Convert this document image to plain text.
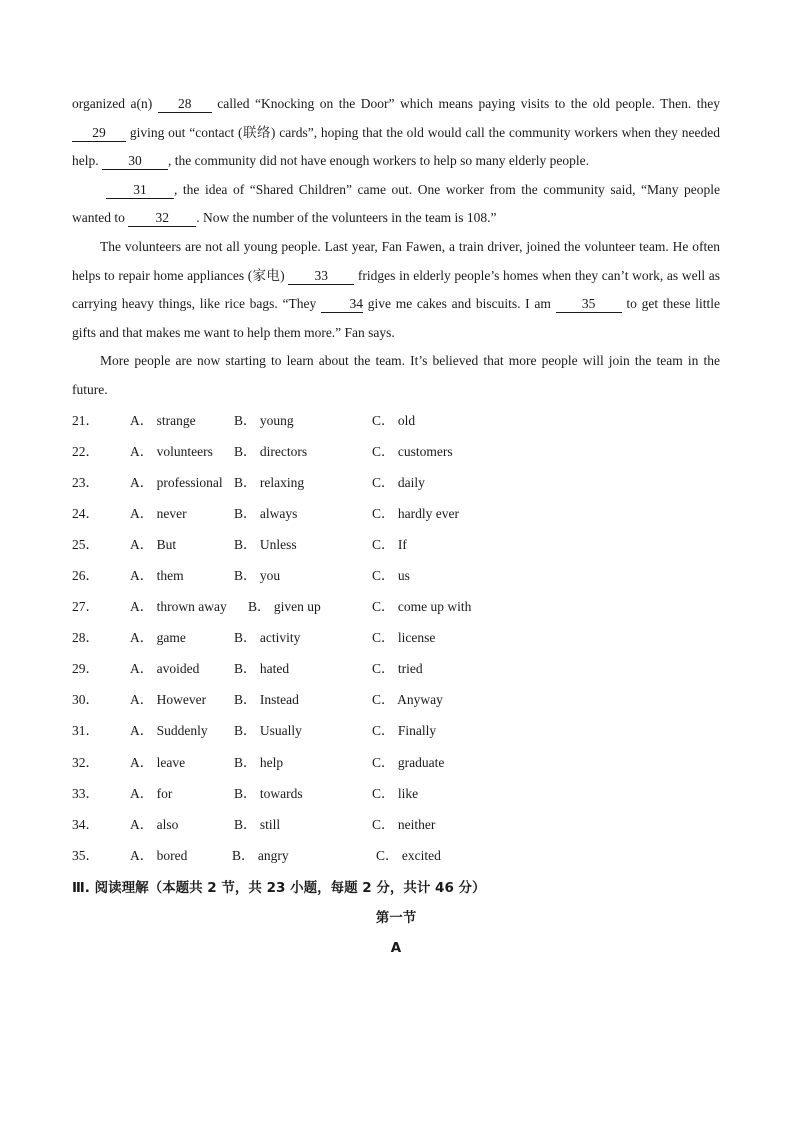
organized a(n) 28 called “Knocking on the Door” which means paying visits to the old people. Then. they 29 giving out “contact (联络) cards”, hoping that the old would call the community workers when they needed help. 30 , the community did not have enough workers to help so many elderly people.

31 , the idea of “Shared Children” came out. One worker from the community said, “Many people wanted to 32 . Now the number of the volunteers in the team is 108.”

The volunteers are not all young people. Last year, Fan Fawen, a train driver, joined the volunteer team. He often helps to repair home appliances (家电) 33 fridges in elderly people’s homes when they can’t work, as well as carrying heavy things, like rice bags. “They 34 give me cakes and biscuits. I am 35 to get these little gifts and that makes me want to help them more.” Fan says.

More people are now starting to learn about the team. It’s believed that more people will join the team in the future.

21．	A． strange	B． young	C． old
22．	A． volunteers	B． directors	C． customers
23．	A． professional B． relaxing	C． daily
24．	A． never	B． always	C． hardly ever
25．	A． But	B． Unless	C． If
26．	A． them	B． you	C． us
27．	A． thrown away	B． given up	C． come up with
28．	A． game	B． activity	C． license
29．	A． avoided	B． hated	C． tried
30．	A． However	B． Instead	C． Anyway
31．	A． Suddenly	B． Usually	C． Finally
32．	A． leave	B． help	C． graduate
33．	A． for	B． towards	C． like
34．	A． also	B． still	C． neither
35．	A． bored	B． angry	C． excited
Ⅲ. 阅读理解（本题共 2 节，共 23 小题，每题 2 分，共计 46 分）
第一节
A
